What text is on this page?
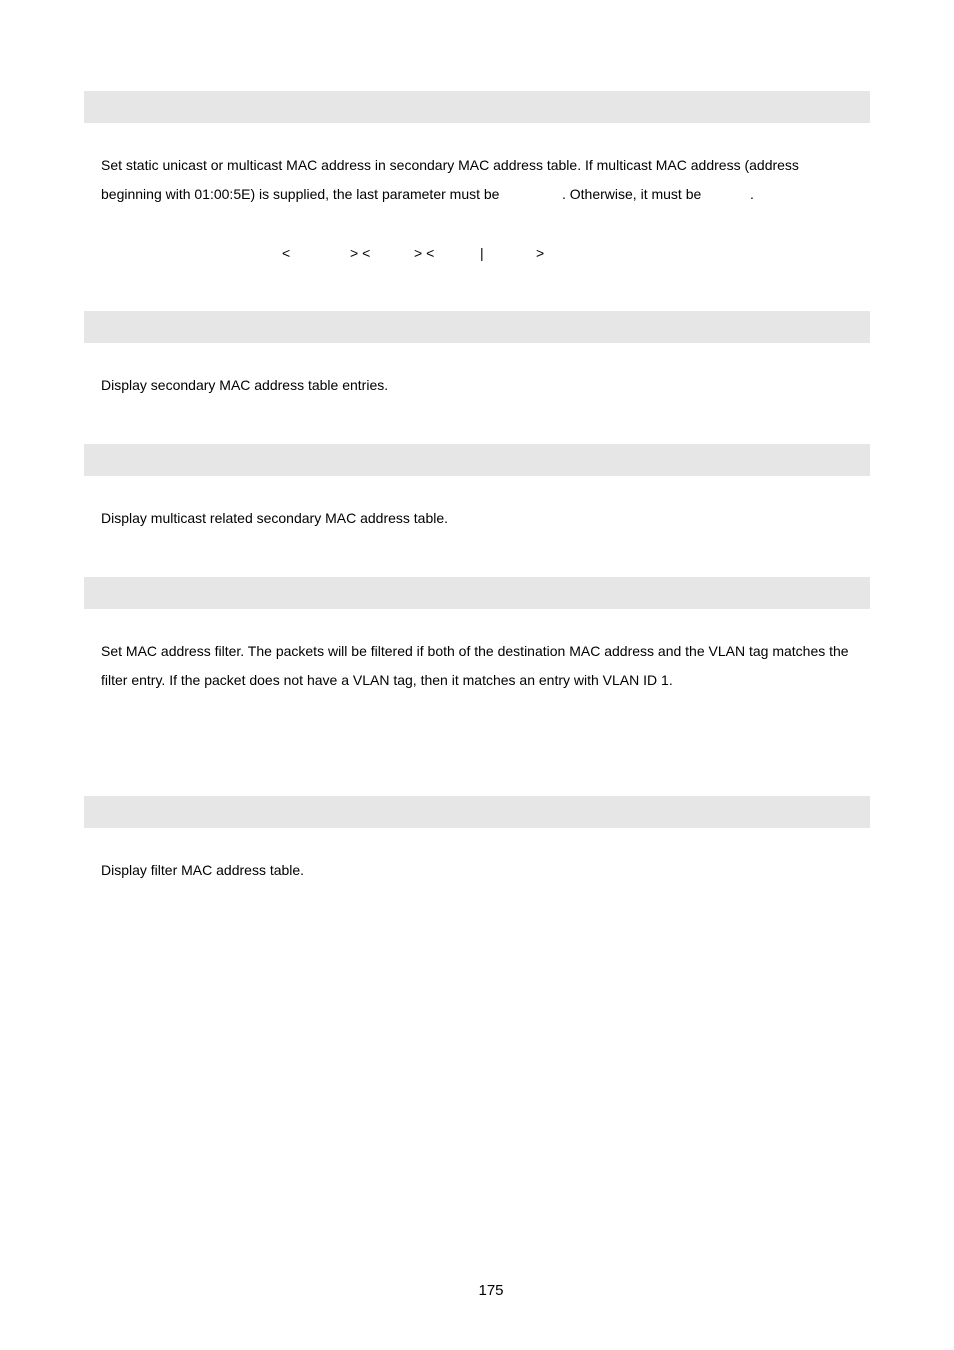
Set static unicast or multicast MAC address in secondary MAC address table. If multicast MAC address (address
beginning with 01:00:5E) is supplied, the last parameter must be	. Otherwise, it must be	.
<	> <	> <	|	>
Display secondary MAC address table entries.
Display multicast related secondary MAC address table.
Set MAC address filter. The packets will be filtered if both of the destination MAC address and the VLAN tag matches the
filter entry. If the packet does not have a VLAN tag, then it matches an entry with VLAN ID 1.
Display filter MAC address table.
175
